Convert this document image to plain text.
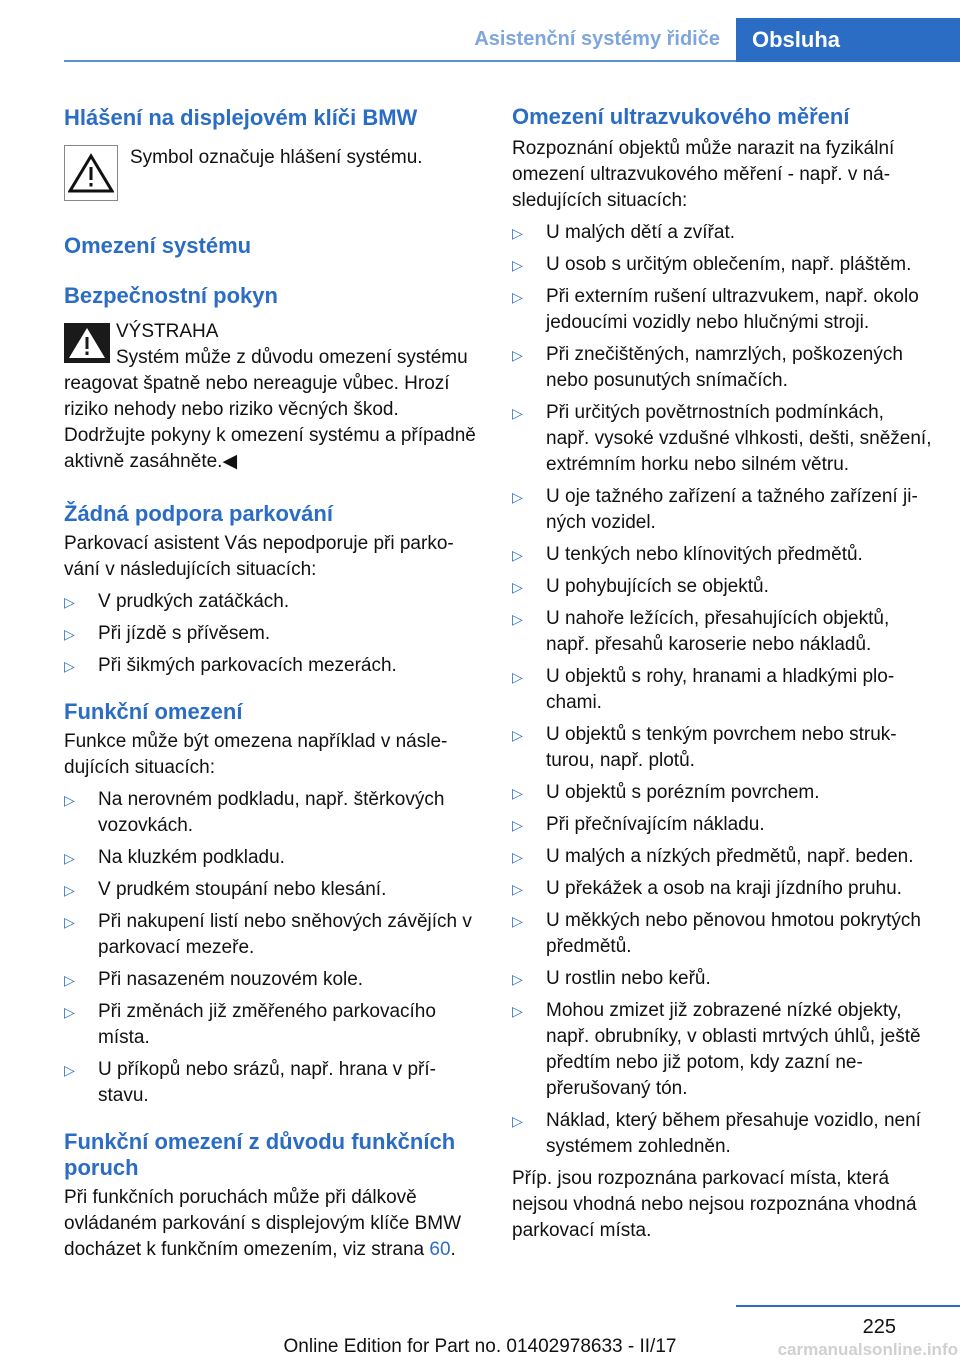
Asistenční systémy řidiče	Obsluha
Hlášení na displejovém klíči BMW
Symbol označuje hlášení systému.
Omezení systému
Bezpečnostní pokyn
VÝSTRAHA
Systém může z důvodu omezení systému reagovat špatně nebo nereaguje vůbec. Hrozí riziko nehody nebo riziko věcných škod. Dodržujte pokyny k omezení systému a případně aktivně zasáhněte.◀
Žádná podpora parkování

Parkovací asistent Vás nepodporuje při parkování v následujících situacích:

▷ V prudkých zatáčkách.
▷ Při jízdě s přívěsem.
▷ Při šikmých parkovacích mezerách.
Funkční omezení

Funkce může být omezena například v následujících situacích:

▷ Na nerovném podkladu, např. štěrkových vozovkách.
▷ Na kluzkém podkladu.
▷ V prudkém stoupání nebo klesání.
▷ Při nakupení listí nebo sněhových závějích v parkovací mezeře.
▷ Při nasazeném nouzovém kole.
▷ Při změnách již změřeného parkovacího místa.
▷ U příkopů nebo srázů, např. hrana v přístavu.
Funkční omezení z důvodu funkčních poruch

Při funkčních poruchách může při dálkově ovládaném parkování s displejovým klíče BMW docházet k funkčním omezením, viz strana 60.

Omezení ultrazvukového měření

Rozpoznání objektů může narazit na fyzikální omezení ultrazvukového měření - např. v následujících situacích:

▷ U malých dětí a zvířat.
▷ U osob s určitým oblečením, např. pláštěm.
▷ Při externím rušení ultrazvukem, např. okolo jedoucími vozidly nebo hlučnými stroji.
▷ Při znečištěných, namrzlých, poškozených nebo posunutých snímačích.
▷ Při určitých povětrnostních podmínkách, např. vysoké vzdušné vlhkosti, dešti, sněžení, extrémním horku nebo silném větru.
▷ U oje tažného zařízení a tažného zařízení jiných vozidel.
▷ U tenkých nebo klínovitých předmětů.
▷ U pohybujících se objektů.
▷ U nahoře ležících, přesahujících objektů, např. přesahů karoserie nebo nákladů.
▷ U objektů s rohy, hranami a hladkými plochami.
▷ U objektů s tenkým povrchem nebo strukturou, např. plotů.
▷ U objektů s porézním povrchem.
▷ Při přečnívajícím nákladu.
▷ U malých a nízkých předmětů, např. beden.
▷ U překážek a osob na kraji jízdního pruhu.
▷ U měkkých nebo pěnovou hmotou pokrytých předmětů.
▷ U rostlin nebo keřů.
▷ Mohou zmizet již zobrazené nízké objekty, např. obrubníky, v oblasti mrtvých úhlů, ještě předtím nebo již potom, kdy zazní nepřerušovaný tón.
▷ Náklad, který během přesahuje vozidlo, není systémem zohledněn.

Příp. jsou rozpoznána parkovací místa, která nejsou vhodná nebo nejsou rozpoznána vhodná parkovací místa.

225
Online Edition for Part no. 01402978633 - II/17	carmanualsonline.info
